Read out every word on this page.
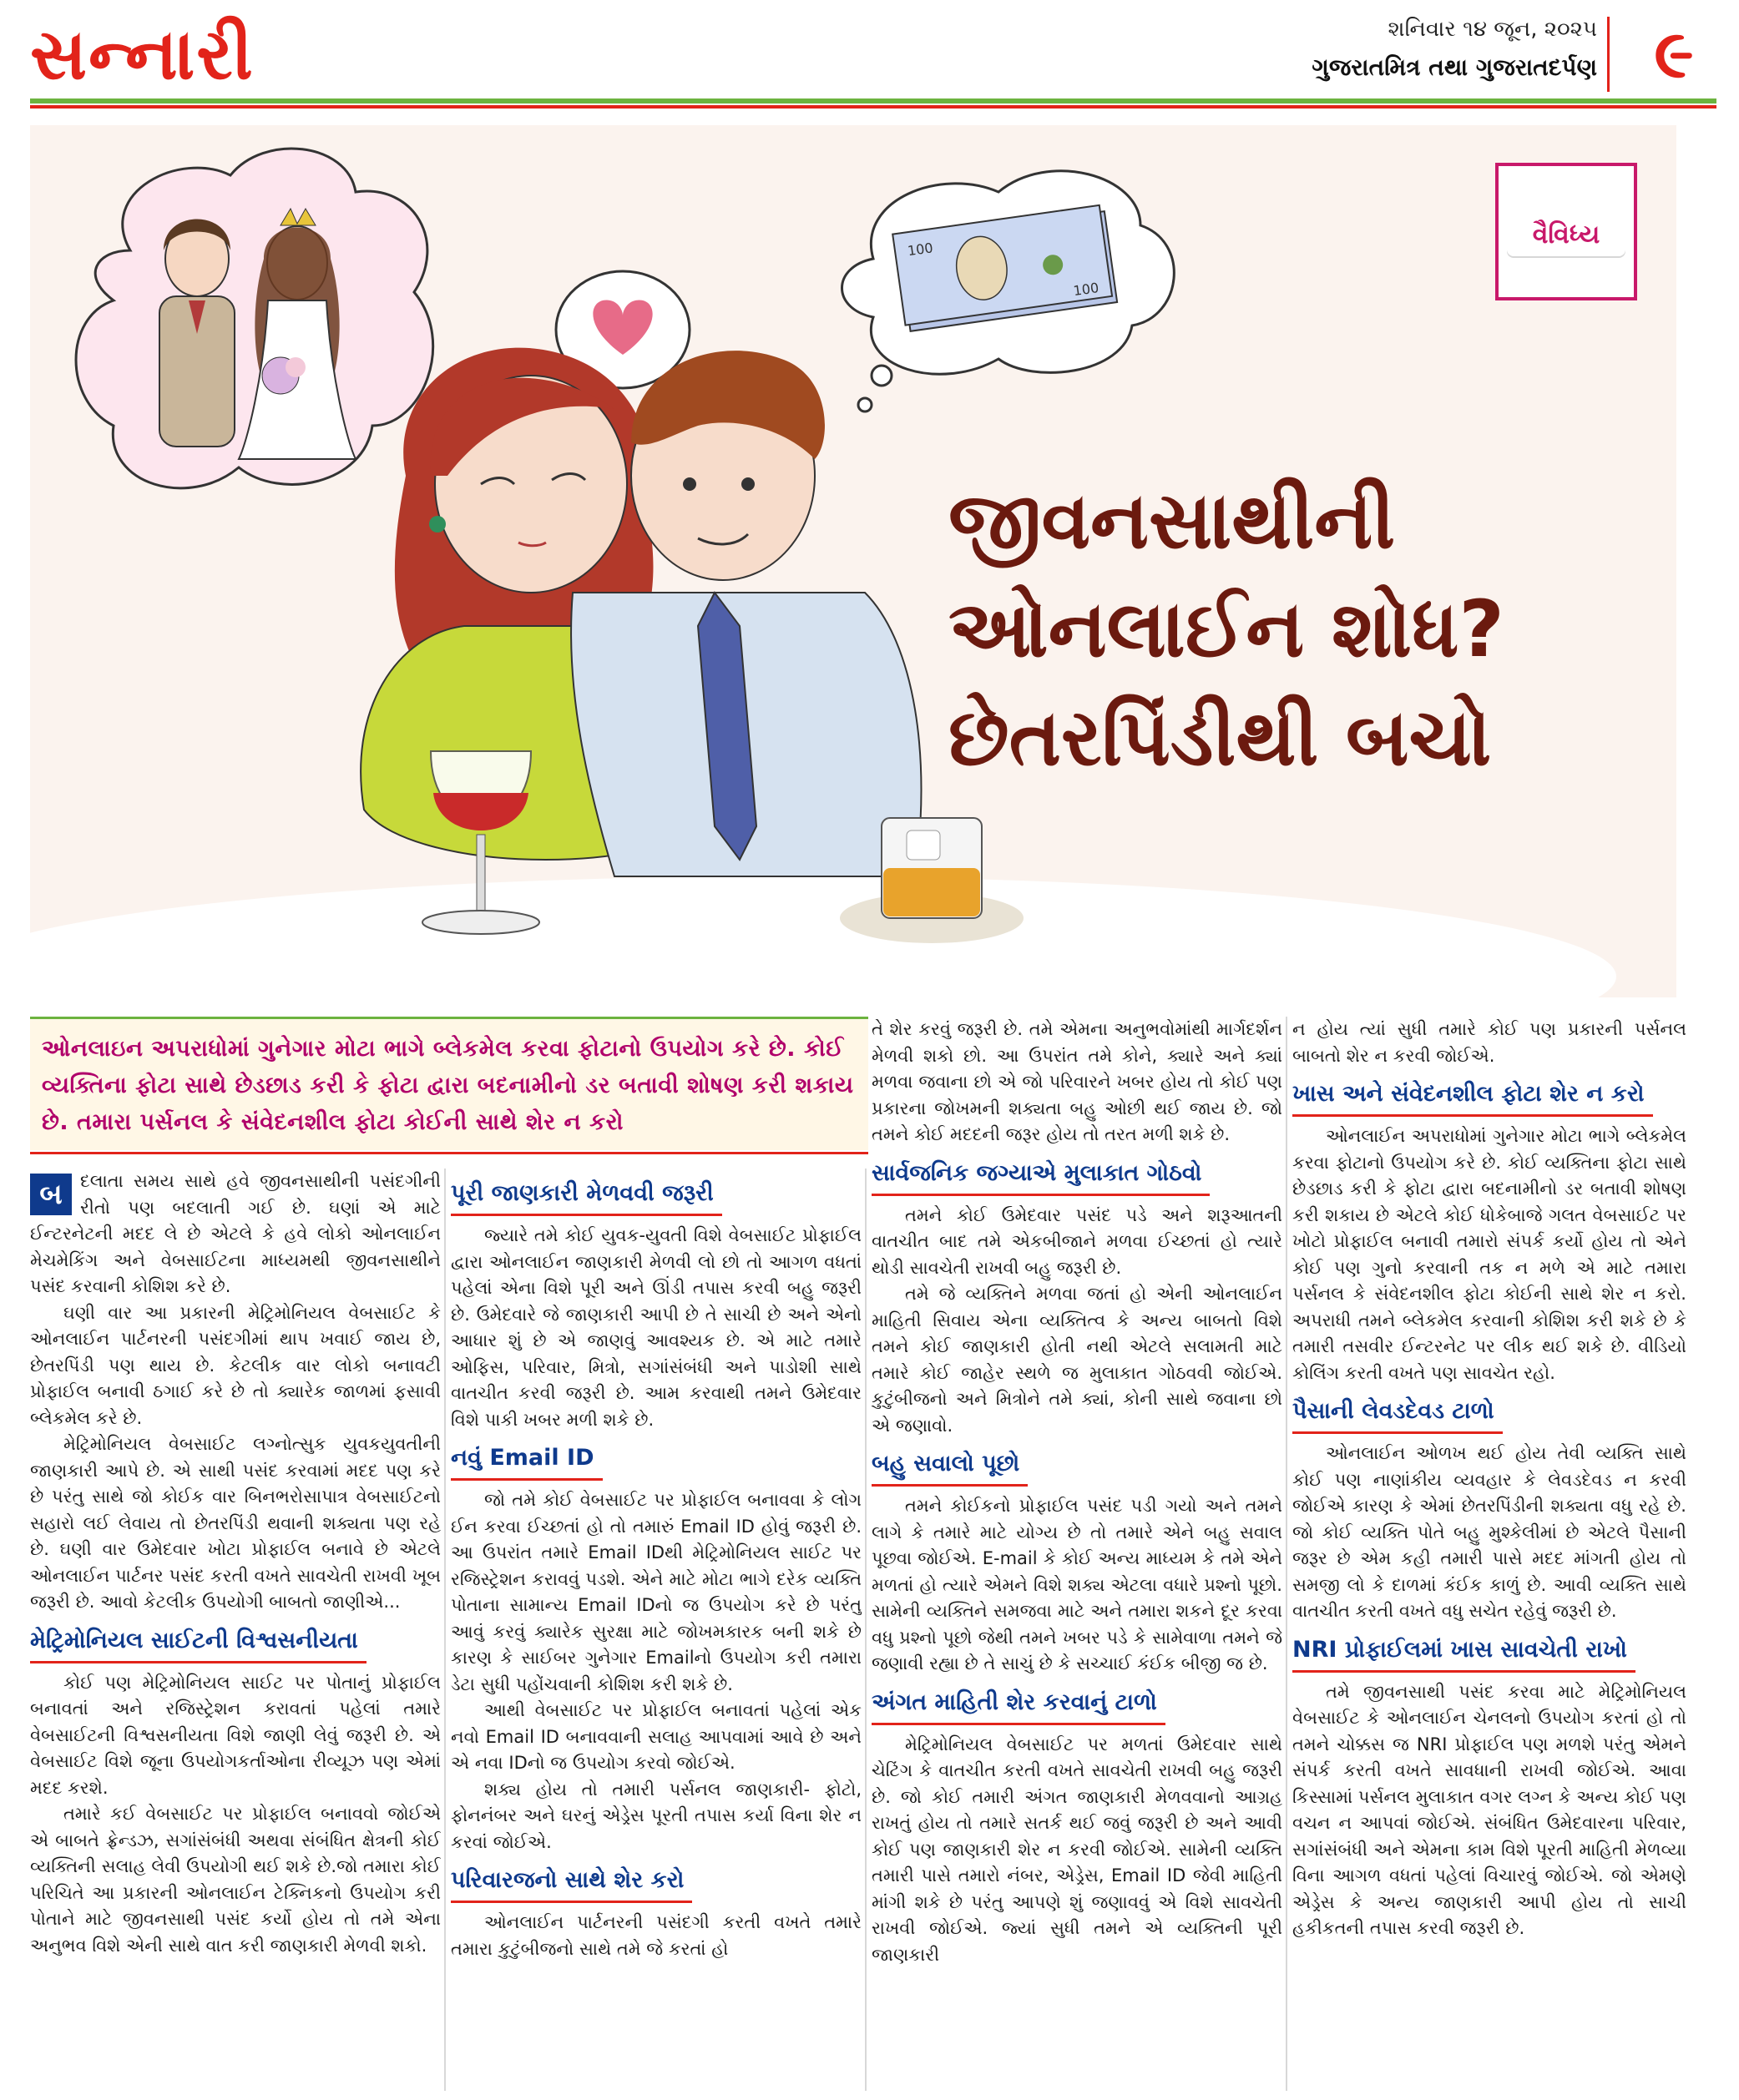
સન્નારી	શનિવાર ૧૪ જૂન, ૨૦૨૫
ગુજરાતમિત્ર તથા ગુજરાતદર્પણ ૯
100
100
વૈવિધ્ય
જીવનસાથીની
ઓનલાઈન શોધ?
છેતરપિંડીથી બચો

ઓનલાઇન અપરાધોમાં ગુનેગાર મોટા ભાગે બ્લેકમેલ કરવા ફોટાનો ઉપયોગ કરે છે. કોઈ વ્યક્તિના ફોટા સાથે છેડછાડ કરી કે ફોટા દ્વારા બદનામીનો ડર બતાવી શોષણ કરી શકાય છે. તમારા પર્સનલ કે સંવેદનશીલ ફોટા કોઈની સાથે શેર ન કરો

બ	દલાતા સમય સાથે હવે જીવનસાથીની પસંદગીની રીતો પણ બદલાતી ગઈ છે. ઘણાં એ માટે ઈન્ટરનેટની મદદ લે છે એટલે કે હવે લોકો ઓનલાઈન મેચમેકિંગ અને વેબસાઈટના માધ્યમથી જીવનસાથીને પસંદ કરવાની કોશિશ કરે છે.

ઘણી વાર આ પ્રકારની મેટ્રિમોનિયલ વેબસાઈટ કે ઓનલાઈન પાર્ટનરની પસંદગીમાં થાપ ખવાઈ જાય છે, છેતરપિંડી પણ થાય છે. કેટલીક વાર લોકો બનાવટી પ્રોફાઈલ બનાવી ઠગાઈ કરે છે તો ક્યારેક જાળમાં ફસાવી બ્લેકમેલ કરે છે.

મેટ્રિમોનિયલ વેબસાઈટ લગ્નોત્સુક યુવકયુવતીની જાણકારી આપે છે. એ સાથી પસંદ કરવામાં મદદ પણ કરે છે પરંતુ સાથે જો કોઈક વાર બિનભરોસાપાત્ર વેબસાઈટનો સહારો લઈ લેવાય તો છેતરપિંડી થવાની શક્યતા પણ રહે છે. ઘણી વાર ઉમેદવાર ખોટા પ્રોફાઈલ બનાવે છે એટલે ઓનલાઈન પાર્ટનર પસંદ કરતી વખતે સાવચેતી રાખવી ખૂબ જરૂરી છે. આવો કેટલીક ઉપયોગી બાબતો જાણીએ...

મેટ્રિમોનિયલ સાઈટની વિશ્વસનીયતા

કોઈ પણ મેટ્રિમોનિયલ સાઈટ પર પોતાનું પ્રોફાઈલ બનાવતાં અને રજિસ્ટ્રેશન કરાવતાં પહેલાં તમારે વેબસાઈટની વિશ્વસનીયતા વિશે જાણી લેવું જરૂરી છે. એ વેબસાઈટ વિશે જૂના ઉપયોગકર્તાઓના રીવ્યૂઝ પણ એમાં મદદ કરશે.

તમારે કઈ વેબસાઈટ પર પ્રોફાઈલ બનાવવો જોઈએ એ બાબતે ફ્રેન્ડઝ, સગાંસંબંધી અથવા સંબંધિત ક્ષેત્રની કોઈ વ્યક્તિની સલાહ લેવી ઉપયોગી થઈ શકે છે.જો તમારા કોઈ પરિચિતે આ પ્રકારની ઓનલાઈન ટેક્નિકનો ઉપયોગ કરી પોતાને માટે જીવનસાથી પસંદ કર્યો હોય તો તમે એના અનુભવ વિશે એની સાથે વાત કરી જાણકારી મેળવી શકો.

પૂરી જાણકારી મેળવવી જરૂરી

જ્યારે તમે કોઈ યુવક-યુવતી વિશે વેબસાઈટ પ્રોફાઈલ દ્વારા ઓનલાઈન જાણકારી મેળવી લો છો તો આગળ વધતાં પહેલાં એના વિશે પૂરી અને ઊંડી તપાસ કરવી બહુ જરૂરી છે. ઉમેદવારે જે જાણકારી આપી છે તે સાચી છે અને એનો આધાર શું છે એ જાણવું આવશ્યક છે. એ માટે તમારે ઓફિસ, પરિવાર, મિત્રો, સગાંસંબંધી અને પાડોશી સાથે વાતચીત કરવી જરૂરી છે. આમ કરવાથી તમને ઉમેદવાર વિશે પાકી ખબર મળી શકે છે.

નવું Email ID

જો તમે કોઈ વેબસાઈટ પર પ્રોફાઈલ બનાવવા કે લોગ ઈન કરવા ઈચ્છતાં હો તો તમારું Email ID હોવું જરૂરી છે. આ ઉપરાંત તમારે Email IDથી મેટ્રિમોનિયલ સાઈટ પર રજિસ્ટ્રેશન કરાવવું પડશે. એને માટે મોટા ભાગે દરેક વ્યક્તિ પોતાના સામાન્ય Email IDનો જ ઉપયોગ કરે છે પરંતુ આવું કરવું ક્યારેક સુરક્ષા માટે જોખમકારક બની શકે છે કારણ કે સાઈબર ગુનેગાર Emailનો ઉપયોગ કરી તમારા ડેટા સુધી પહોંચવાની કોશિશ કરી શકે છે.

આથી વેબસાઈટ પર પ્રોફાઈલ બનાવતાં પહેલાં એક નવો Email ID બનાવવાની સલાહ આપવામાં આવે છે અને એ નવા IDનો જ ઉપયોગ કરવો જોઈએ.

શક્ય હોય તો તમારી પર્સનલ જાણકારી- ફોટો, ફોનનંબર અને ઘરનું એડ્રેસ પૂરતી તપાસ કર્યા વિના શેર ન કરવાં જોઈએ.

પરિવારજનો સાથે શેર કરો

ઓનલાઈન પાર્ટનરની પસંદગી કરતી વખતે તમારે તમારા કુટુંબીજનો સાથે તમે જે કરતાં હો

તે શેર કરવું જરૂરી છે. તમે એમના અનુભવોમાંથી માર્ગદર્શન મેળવી શકો છો. આ ઉપરાંત તમે કોને, ક્યારે અને ક્યાં મળવા જવાના છો એ જો પરિવારને ખબર હોય તો કોઈ પણ પ્રકારના જોખમની શક્યતા બહુ ઓછી થઈ જાય છે. જો તમને કોઈ મદદની જરૂર હોય તો તરત મળી શકે છે.

સાર્વજનિક જગ્યાએ મુલાકાત ગોઠવો

તમને કોઈ ઉમેદવાર પસંદ પડે અને શરૂઆતની વાતચીત બાદ તમે એકબીજાને મળવા ઈચ્છતાં હો ત્યારે થોડી સાવચેતી રાખવી બહુ જરૂરી છે.

તમે જે વ્યક્તિને મળવા જતાં હો એની ઓનલાઈન માહિતી સિવાય એના વ્યક્તિત્વ કે અન્ય બાબતો વિશે તમને કોઈ જાણકારી હોતી નથી એટલે સલામતી માટે તમારે કોઈ જાહેર સ્થળે જ મુલાકાત ગોઠવવી જોઈએ. કુટુંબીજનો અને મિત્રોને તમે ક્યાં, કોની સાથે જવાના છો એ જણાવો.

બહુ સવાલો પૂછો

તમને કોઈકનો પ્રોફાઈલ પસંદ પડી ગયો અને તમને લાગે કે તમારે માટે યોગ્ય છે તો તમારે એને બહુ સવાલ પૂછવા જોઈએ. E-mail કે કોઈ અન્ય માધ્યમ કે તમે એને મળતાં હો ત્યારે એમને વિશે શક્ય એટલા વધારે પ્રશ્નો પૂછો. સામેની વ્યક્તિને સમજવા માટે અને તમારા શકને દૂર કરવા વધુ પ્રશ્નો પૂછો જેથી તમને ખબર પડે કે સામેવાળા તમને જે જણાવી રહ્યા છે તે સાચું છે કે સચ્ચાઈ કંઈક બીજી જ છે.

અંગત માહિતી શેર કરવાનું ટાળો

મેટ્રિમોનિયલ વેબસાઈટ પર મળતાં ઉમેદવાર સાથે ચેટિંગ કે વાતચીત કરતી વખતે સાવચેતી રાખવી બહુ જરૂરી છે. જો કોઈ તમારી અંગત જાણકારી મેળવવાનો આગ્રહ રાખતું હોય તો તમારે સતર્ક થઈ જવું જરૂરી છે અને આવી કોઈ પણ જાણકારી શેર ન કરવી જોઈએ. સામેની વ્યક્તિ તમારી પાસે તમારો નંબર, એડ્રેસ, Email ID જેવી માહિતી માંગી શકે છે પરંતુ આપણે શું જણાવવું એ વિશે સાવચેતી રાખવી જોઈએ. જ્યાં સુધી તમને એ વ્યક્તિની પૂરી જાણકારી

ન હોય ત્યાં સુધી તમારે કોઈ પણ પ્રકારની પર્સનલ બાબતો શેર ન કરવી જોઈએ.

ખાસ અને સંવેદનશીલ ફોટા શેર ન કરો

ઓનલાઈન અપરાધોમાં ગુનેગાર મોટા ભાગે બ્લેકમેલ કરવા ફોટાનો ઉપયોગ કરે છે. કોઈ વ્યક્તિના ફોટા સાથે છેડછાડ કરી કે ફોટા દ્વારા બદનામીનો ડર બતાવી શોષણ કરી શકાય છે એટલે કોઈ ધોકેબાજે ગલત વેબસાઈટ પર ખોટો પ્રોફાઈલ બનાવી તમારો સંપર્ક કર્યો હોય તો એને કોઈ પણ ગુનો કરવાની તક ન મળે એ માટે તમારા પર્સનલ કે સંવેદનશીલ ફોટા કોઈની સાથે શેર ન કરો. અપરાધી તમને બ્લેકમેલ કરવાની કોશિશ કરી શકે છે કે તમારી તસવીર ઈન્ટરનેટ પર લીક થઈ શકે છે. વીડિયો કોલિંગ કરતી વખતે પણ સાવચેત રહો.

પૈસાની લેવડદેવડ ટાળો

ઓનલાઈન ઓળખ થઈ હોય તેવી વ્યક્તિ સાથે કોઈ પણ નાણાંકીય વ્યવહાર કે લેવડદેવડ ન કરવી જોઈએ કારણ કે એમાં છેતરપિંડીની શક્યતા વધુ રહે છે. જો કોઈ વ્યક્તિ પોતે બહુ મુશ્કેલીમાં છે એટલે પૈસાની જરૂર છે એમ કહી તમારી પાસે મદદ માંગતી હોય તો સમજી લો કે દાળમાં કંઈક કાળું છે. આવી વ્યક્તિ સાથે વાતચીત કરતી વખતે વધુ સચેત રહેવું જરૂરી છે.

NRI પ્રોફાઈલમાં ખાસ સાવચેતી રાખો

તમે જીવનસાથી પસંદ કરવા માટે મેટ્રિમોનિયલ વેબસાઈટ કે ઓનલાઈન ચેનલનો ઉપયોગ કરતાં હો તો તમને ચોક્કસ જ NRI પ્રોફાઈલ પણ મળશે પરંતુ એમને સંપર્ક કરતી વખતે સાવધાની રાખવી જોઈએ. આવા કિસ્સામાં પર્સનલ મુલાકાત વગર લગ્ન કે અન્ય કોઈ પણ વચન ન આપવાં જોઈએ. સંબંધિત ઉમેદવારના પરિવાર, સગાંસંબંધી અને એમના કામ વિશે પૂરતી માહિતી મેળવ્યા વિના આગળ વધતાં પહેલાં વિચારવું જોઈએ. જો એમણે એડ્રેસ કે અન્ય જાણકારી આપી હોય તો સાચી હકીકતની તપાસ કરવી જરૂરી છે.
